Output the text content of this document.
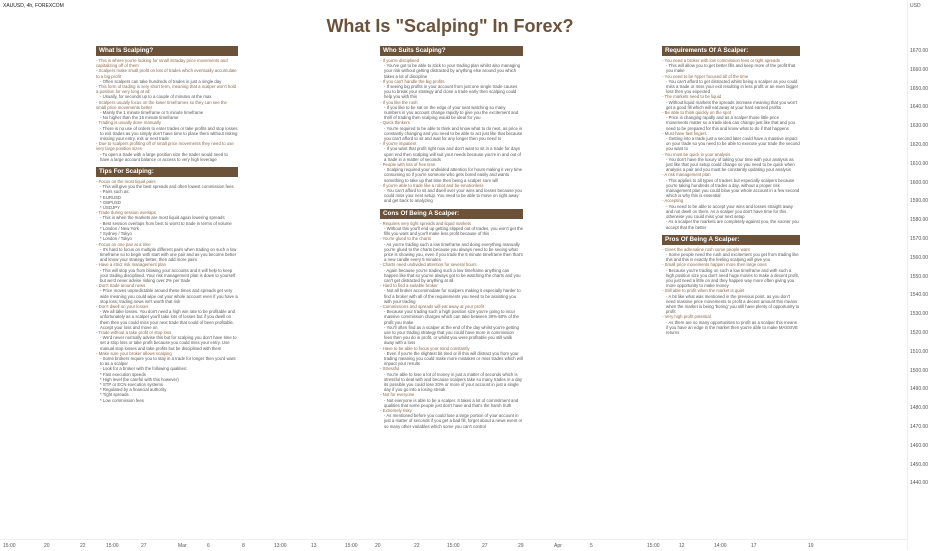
XAUUSD, 4h, FOREXCOM
What Is "Scalping" In Forex?
What Is Scalping?
- This is where you're looking for small intraday price movements and capitalizing off of them
- Scalpers make small profit on lots of trades which eventually accumulate to a big profit
- Often scalpers can take hundreds of trades in just a single day
- This form of trading is very short term, meaning that a scalper won't hold a position for very long at all
- Usually, for seconds up to a couple of minutes at the max
- Scalpers usually focus on the lower timeframes so they can see the small price movements better
- Mainly the 1 minute timeframe or 5 minute timeframe
- No higher than the 15 minute timeframe
- Trading is usually done manually
- There is no use of orders to enter trades or take profits and stop losses to exit trades as you simply don't have time to place them without risking missing your entry, exit or next trade
- Due to scalpers profiting off of small price movements they need to use very large position sizes
- To open a trade with a large position size the trader would need to have a large account balance or access to very high leverage
Tips For Scalping:
- Focus on the most liquid pairs
- This will give you the best spreads and often lowest commission fees
- Pairs such as:
* EURUSD
* GBPUSD
* USDJPY
- Trade during session overlaps
- This is when the markets are most liquid again lowering spreads
- Best session overlaps from best to worst to trade in terms of volume
* London / New York
* Sydney / Tokyo
* London / Tokyo
- Focus on one pair at a time
- It's hard to focus on multiple different pairs when trading on such a low timeframe so to begin with start with one pair and as you become better and know your strategy better, then add more pairs
- Have a strict risk management plan
- This will stop you from blowing your accounts and it will help to keep your trading disciplined. Your risk management plan is down to yourself but we'd never advise risking over 2% per trade
- Don't trade around news
- Price moves unpredictable around these times and spreads get very wide meaning you could wipe out your whole account even if you have a stop loss; trading news isn't worth that risk
- Don't dwell on your losses
- We all take losses. You don't need a high win rate to be profitable and unfortunately as a scalper you'll take lots of losses but if you dwell on them then you could miss your next trade that could of been profitable. Accept your loss and move on
- Trade without a take profit or stop loss
- We'd never normally advise this but for scalping you don't have time to set a stop loss or take profit because you could miss your entry. Use manual stop losses and take profits but be disciplined with them
- Make sure your broker allows scalping
- Some brokers require you to stay in a trade for longer then you'd want to as a scalper
- Look for a broker with the following qualities:
* Fast execution speeds
* High level (be careful with this however)
* STP or ECN execution systems
* Regulated by a financial authority
* Tight spreads
* Low commission fees
Who Suits Scalping?
- If you're disciplined
- You've got to be able to stick to your trading plan whilst also managing your risk without getting distracted by anything else around you which takes a lot of discipline
- If you can't handle the big profits
- If seeing big profits in your account from just one single trade causes you to break your strategy and close a trade early then scalping could help you with this
- If you like the rush
- If you like to be sat on the edge of your seat watching so many numbers in you account change rapidly to give you the excitement and thrill of trading then scalping would be ideal for you
- Quick thinkers
- You're required to be able to think and know what to do next, as price is constantly changing and you need to be able to act just like that because you can't afford to sit and wait for any longer then you need to
- If you're impatient
- If you want that profit right now and don't want to sit in a trade for days upon end then scalping will suit your needs because you're in and out of a trade in a matter of seconds
- People with lots of free time
- Scalping required your undivided attention for hours making it very time consuming so if you're someone who gets bored easily and wants something to take up that time then being a scalper sure will
- If you're able to trade like a robot and be emotionless
- You can't afford to sit and dwell over your wins and losses because you could miss your next setup. You need to be able to move on right away and get back to analyzing
Cons Of Being A Scalper:
- Requires very tight spreads and liquid markets
- Without this you'll end up getting slipped out of trades, you won't get the fills you want and you'll make less profit because of this
- You're glued to the charts
- As you're trading such a low timeframe and doing everything manually you're glued to the charts because you always need to be seeing what price is showing you, even if you trade the 5 minute timeframe then that's a new candle every 5 minutes
- Charts need undivided attention for several hours
- Again because you're trading such a low timeframe anything can happen like that so you've always got to be watching the charts and you can't get distracted by anything at all
- Hard to find a suitable broker
- Not all broker accommodate for scalpers making it especially harder to find a broker with all of the requirements you need to be assisting you with your trading
- Commissions and spreads will eat away at your profit
- Because your trading such a high position size you're going to incur massive commission charges which can take between 30%-50% of the profit you make
- You'll often find as a scalper at the end of the day whilst you're getting use to your trading strategy that you could have more in commission fees then you do in profit, or whilst you were profitable you still walk away with a loss
- Have to be able to focus your mind constantly
- Even if you're the slightest bit tired or ill this will distract you from your trading meaning you could make more mistakes or miss trades which will impact your results
- Stressful
- You're able to lose a lot of money in just a matter of seconds which is stressful to deal with and because scalpers take so many trades in a day its possible you could lose 20% or more of your account in just a single day if you go into a losing streak
- Not for everyone
- Not everyone is able to be a scalper. It takes a lot of commitment and qualities that some people just don't have and that's the harsh truth
- Extremely risky
- As mentioned before you could lose a large portion of your account in just a matter of seconds if you get a bad fill, forget about a news event or so many other variables which some you can't control
Requirements Of A Scalper:
- You need a broker with low commission fees or tight spreads
- This will allow you to get better fills and keep more of the profit that you make
- You need to be hyper focused all of the time
- You can't afford to get distracted whilst being a scalper as you could miss a trade or miss your exit resulting in less profit or an even bigger loss then you expected
- The markets need to be liquid
- Without liquid markets the spreads increase meaning that you won't get a good fill which will eat away at your hard earned profits
- Be able to think quickly on the spot
- Price is changing rapidly and as a scalper those little price movements matter so a trade idea can change just like that and you need to be prepared for this and know what to do if that happens
- Must have fast fingers
- Getting into a trade just a second later could have a massive impact on your trade so you need to be able to execute your trade the second you want to
- You must be quick in your analysis
- You don't have the luxury of taking your time with your analysis as just like that your setup could change so you need to be quick when analysis a pair and you must be constantly updating your analysis
- A risk management plan
- This applies to all types of traders but especially scalpers because you're taking hundreds of trades a day, without a proper risk management plan you could blow your whole account in a few second which is why this is essential
- Accepting
- You need to be able to accept your wins and losses straight away and not dwell on them. As a scalper you don't have time for this otherwise you could miss your next setup
- As a scalper the markets are completely against you, the sooner you accept that the better
Pros Of Being A Scalper:
- Gives the adrenaline rush some people want
- Some people need the rush and excitement you get from trading like this and this is exactly the feeling scalping will give you
- Small price movements happen more then large ones
- Because you're trading on such a low timeframe and with such a high position size you don't need huge moves to make a decent profit, you just need a little on and they happen way more often giving you more opportunity to make money
- Still able to profit when the market is quiet
- A bit like what was mentioned in the previous point, as you don't need massive price movements to profit a decent amount this means when the market is being 'boring' you still have plenty of opportunity to profit
- Very high profit potential
- As there are so many opportunities to profit as a scalper this means if you have an edge in the market then you're able to make MASSIVE returns
USD
1670.00
1660.00
1650.00
1640.00
1630.00
1620.00
1610.00
1600.00
1590.00
1580.00
1570.00
1560.00
1550.00
1540.00
1530.00
1520.00
1510.00
1500.00
1490.00
1480.00
1470.00
1460.00
1450.00
1440.00
15:00	20	22	15:00	27	Mar	6	8	13:00	13	15:00	20	22	15:00	27	29	Apr	5	15:00	12	14:00	17	19
